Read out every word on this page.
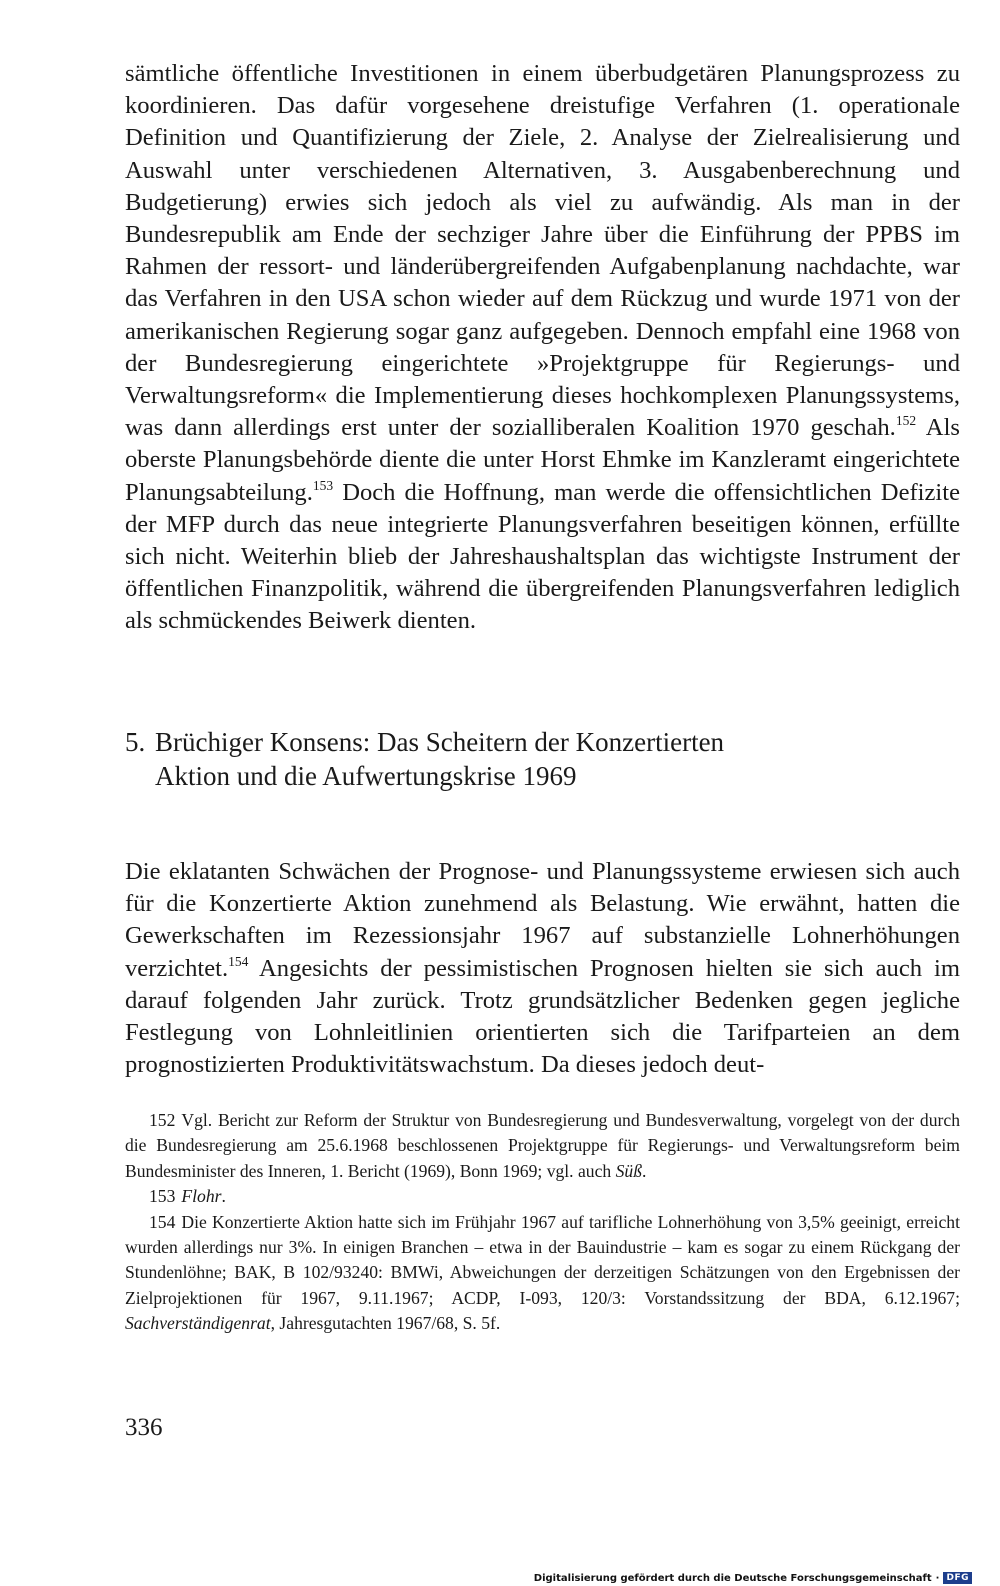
sämtliche öffentliche Investitionen in einem überbudgetären Planungsprozess zu koordinieren. Das dafür vorgesehene dreistufige Verfahren (1. operationale Definition und Quantifizierung der Ziele, 2. Analyse der Zielrealisierung und Auswahl unter verschiedenen Alternativen, 3. Ausgabenberechnung und Budgetierung) erwies sich jedoch als viel zu aufwändig. Als man in der Bundesrepublik am Ende der sechziger Jahre über die Einführung der PPBS im Rahmen der ressort- und länderübergreifenden Aufgabenplanung nachdachte, war das Verfahren in den USA schon wieder auf dem Rückzug und wurde 1971 von der amerikanischen Regierung sogar ganz aufgegeben. Dennoch empfahl eine 1968 von der Bundesregierung eingerichtete »Projektgruppe für Regierungs- und Verwaltungsreform« die Implementierung dieses hochkomplexen Planungssystems, was dann allerdings erst unter der sozialliberalen Koalition 1970 geschah.$^{152}$ Als oberste Planungsbehörde diente die unter Horst Ehmke im Kanzleramt eingerichtete Planungsabteilung.$^{153}$ Doch die Hoffnung, man werde die offensichtlichen Defizite der MFP durch das neue integrierte Planungsverfahren beseitigen können, erfüllte sich nicht. Weiterhin blieb der Jahreshaushaltsplan das wichtigste Instrument der öffentlichen Finanzpolitik, während die übergreifenden Planungsverfahren lediglich als schmückendes Beiwerk dienten.

5. Brüchiger Konsens: Das Scheitern der Konzertierten
Aktion und die Aufwertungskrise 1969

Die eklatanten Schwächen der Prognose- und Planungssysteme erwiesen sich auch für die Konzertierte Aktion zunehmend als Belastung. Wie erwähnt, hatten die Gewerkschaften im Rezessionsjahr 1967 auf substanzielle Lohnerhöhungen verzichtet.$^{154}$ Angesichts der pessimistischen Prognosen hielten sie sich auch im darauf folgenden Jahr zurück. Trotz grundsätzlicher Bedenken gegen jegliche Festlegung von Lohnleitlinien orientierten sich die Tarifparteien an dem prognostizierten Produktivitätswachstum. Da dieses jedoch deut-

152 Vgl. Bericht zur Reform der Struktur von Bundesregierung und Bundesverwaltung, vorgelegt von der durch die Bundesregierung am 25.6.1968 beschlossenen Projektgruppe für Regierungs- und Verwaltungsreform beim Bundesminister des Inneren, 1. Bericht (1969), Bonn 1969; vgl. auch Süß.

153 Flohr.

154 Die Konzertierte Aktion hatte sich im Frühjahr 1967 auf tarifliche Lohnerhöhung von 3,5% geeinigt, erreicht wurden allerdings nur 3%. In einigen Branchen – etwa in der Bauindustrie – kam es sogar zu einem Rückgang der Stundenlöhne; BAK, B 102/93240: BMWi, Abweichungen der derzeitigen Schätzungen von den Ergebnissen der Zielprojektionen für 1967, 9.11.1967; ACDP, I-093, 120/3: Vorstandssitzung der BDA, 6.12.1967; Sachverständigenrat, Jahresgutachten 1967/68, S. 5f.

336

Digitalisierung gefördert durch die Deutsche Forschungsgemeinschaft · DFG
